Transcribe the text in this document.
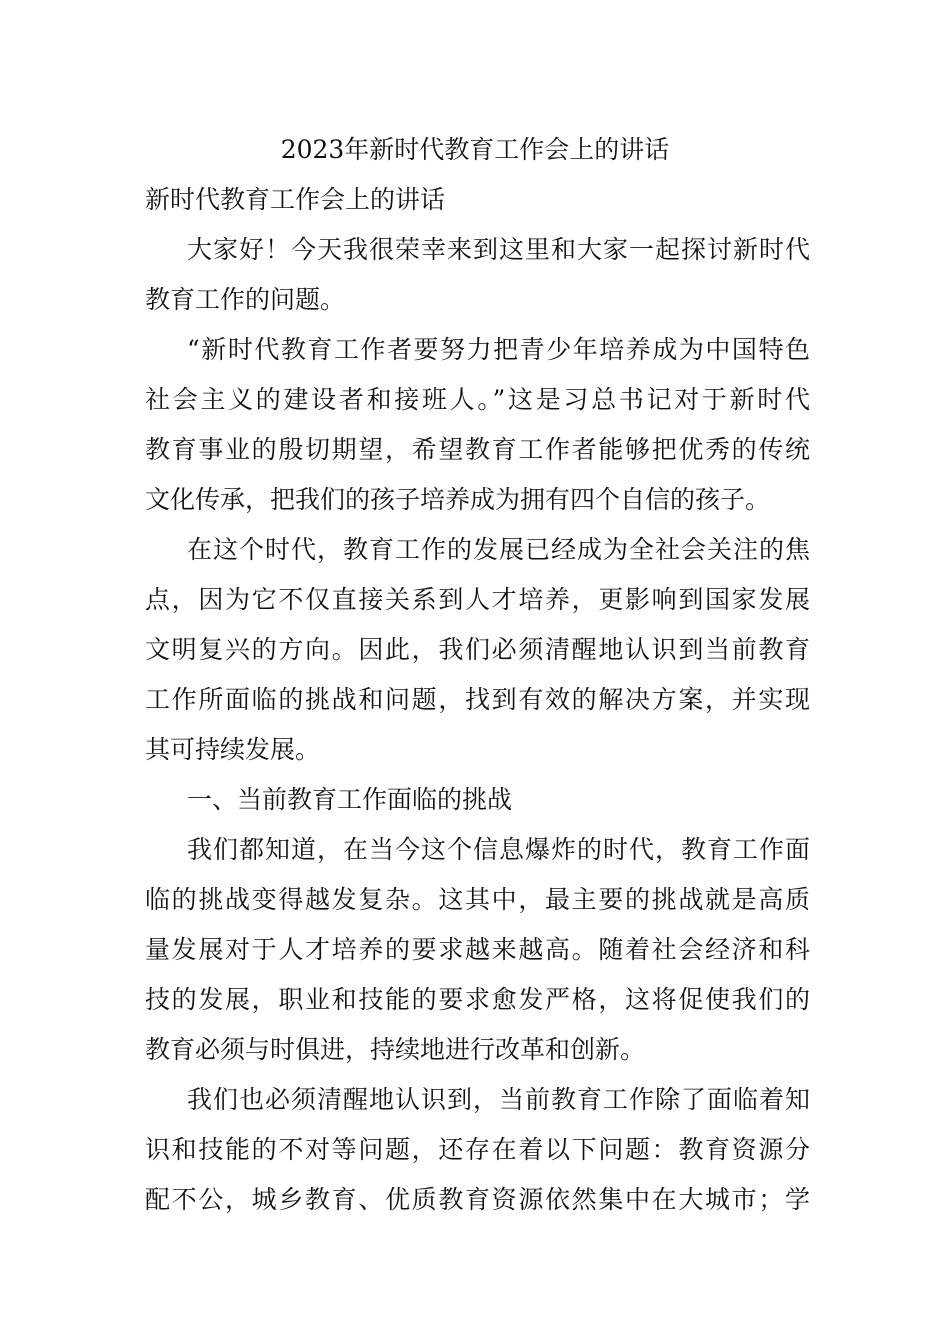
2023年新时代教育工作会上的讲话

新时代教育工作会上的讲话

大家好！今天我很荣幸来到这里和大家一起探讨新时代

教育工作的问题。

“新时代教育工作者要努力把青少年培养成为中国特色

社会主义的建设者和接班人。”这是习总书记对于新时代

教育事业的殷切期望，希望教育工作者能够把优秀的传统

文化传承，把我们的孩子培养成为拥有四个自信的孩子。

在这个时代，教育工作的发展已经成为全社会关注的焦

点，因为它不仅直接关系到人才培养，更影响到国家发展

文明复兴的方向。因此，我们必须清醒地认识到当前教育

工作所面临的挑战和问题，找到有效的解决方案，并实现

其可持续发展。

一、当前教育工作面临的挑战

我们都知道，在当今这个信息爆炸的时代，教育工作面

临的挑战变得越发复杂。这其中，最主要的挑战就是高质

量发展对于人才培养的要求越来越高。随着社会经济和科

技的发展，职业和技能的要求愈发严格，这将促使我们的

教育必须与时俱进，持续地进行改革和创新。

我们也必须清醒地认识到，当前教育工作除了面临着知

识和技能的不对等问题，还存在着以下问题：教育资源分

配不公，城乡教育、优质教育资源依然集中在大城市；学
